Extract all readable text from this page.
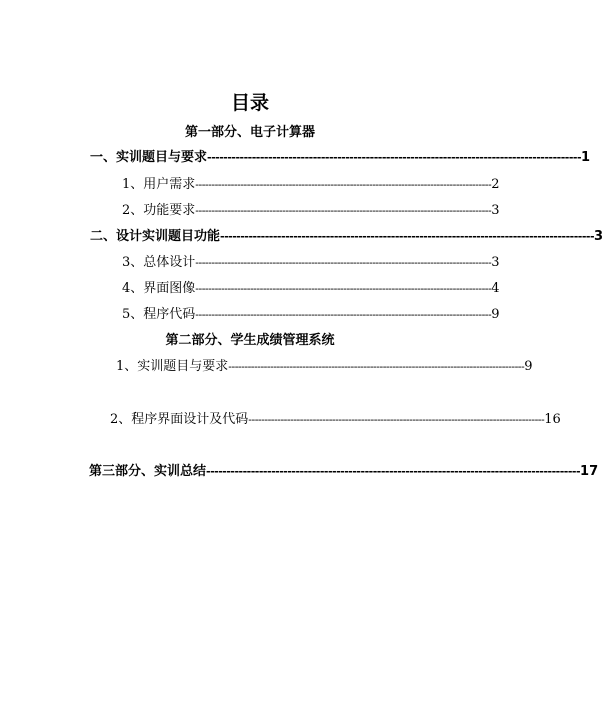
目录
第一部分、电子计算器
一、实训题目与要求 -------------------------------------------------------------------------------------------- 1
1、用户需求 -------------------------------------------------------------------------------------------- 2
2、功能要求 -------------------------------------------------------------------------------------------- 3
二、设计实训题目功能 -------------------------------------------------------------------------------------------- 3
3、总体设计 -------------------------------------------------------------------------------------------- 3
4、界面图像 -------------------------------------------------------------------------------------------- 4
5、程序代码 -------------------------------------------------------------------------------------------- 9
第二部分、学生成绩管理系统
1、实训题目与要求 -------------------------------------------------------------------------------------------- 9
2、程序界面设计及代码 -------------------------------------------------------------------------------------------- 16
第三部分、实训总结 -------------------------------------------------------------------------------------------- 17
